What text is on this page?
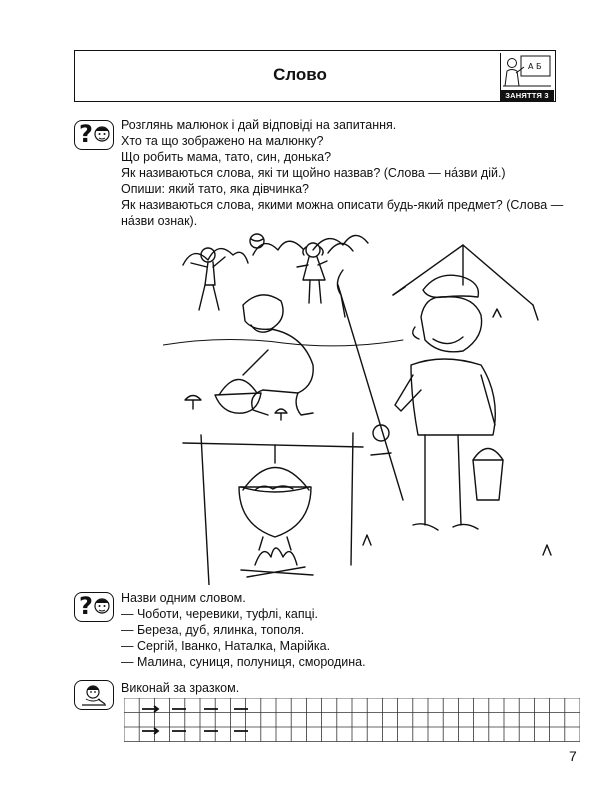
Слово	А Б
ЗАНЯТТЯ 3
? Розглянь малюнок і дай відповіді на запитання.
Хто та що зображено на малюнку?
Що робить мама, тато, син, донька?
Як називаються слова, які ти щойно назвав? (Слова — на́зви дій.)
Опиши: який тато, яка дівчинка?
Як називаються слова, якими можна описати будь-який предмет? (Слова —
на́зви ознак).
? Назви одним словом.
— Чоботи, черевики, туфлі, капці.
— Береза, дуб, ялинка, тополя.
— Сергій, Іванко, Наталка, Марійка.
— Малина, суниця, полуниця, смородина.
Виконай за зразком.
7
